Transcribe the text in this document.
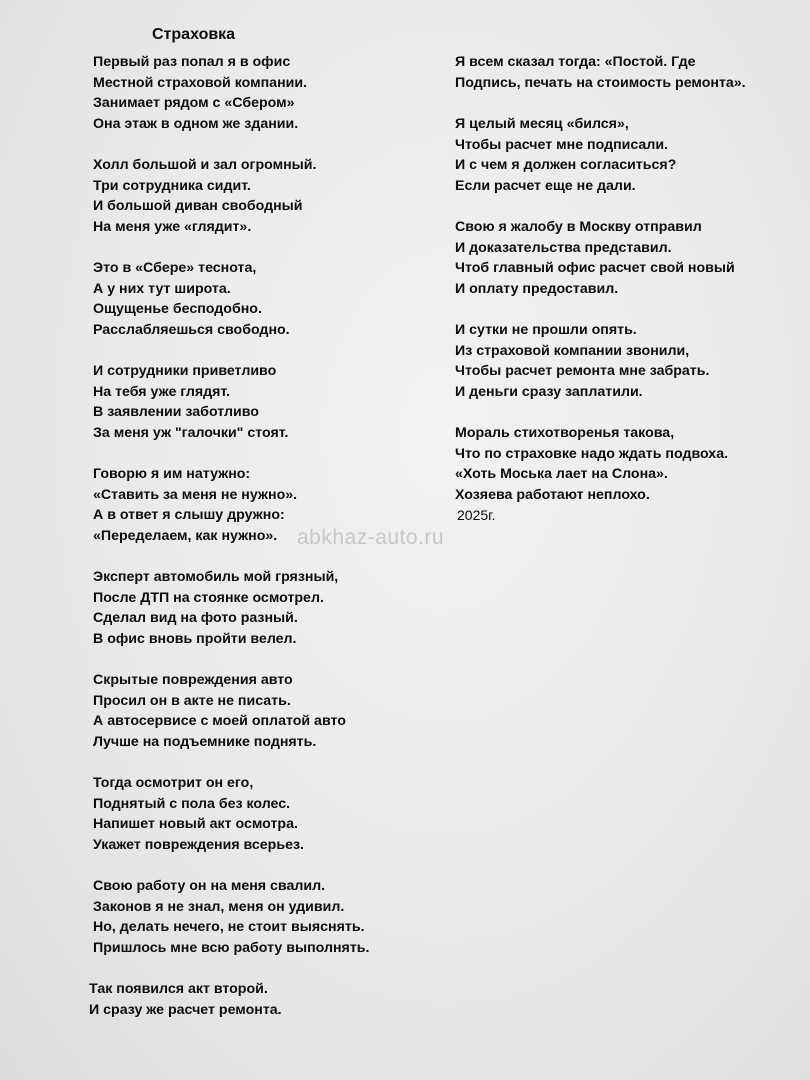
Страховка
Первый раз попал я в офис
Местной страховой компании.
Занимает рядом с «Сбером»
Она этаж в одном же здании.
Холл большой и зал огромный.
Три сотрудника сидит.
И большой диван свободный
На меня уже «глядит».
Это в «Сбере» теснота,
А у них тут широта.
Ощущенье бесподобно.
Расслабляешься свободно.
И сотрудники приветливо
На тебя уже глядят.
В заявлении заботливо
За меня уж "галочки" стоят.
Говорю я им натужно:
«Ставить за меня не нужно».
А в ответ я слышу дружно:
«Переделаем, как нужно».
Эксперт автомобиль мой грязный,
После ДТП на стоянке осмотрел.
Сделал вид на фото разный.
В офис вновь пройти велел.
Скрытые повреждения авто
Просил он в акте не писать.
А автосервисе с моей оплатой авто
Лучше на подъемнике поднять.
Тогда осмотрит он его,
Поднятый с пола без колес.
Напишет новый акт осмотра.
Укажет повреждения всерьез.
Свою работу он на меня свалил.
Законов я не знал, меня он удивил.
Но, делать нечего, не стоит выяснять.
Пришлось мне всю работу выполнять.
Так появился акт второй.
И сразу же расчет ремонта.
Я всем сказал тогда: «Постой. Где
Подпись, печать на стоимость ремонта».
Я целый месяц «бился»,
Чтобы расчет мне подписали.
И с чем я должен согласиться?
Если расчет еще не дали.
Свою я жалобу в Москву отправил
И доказательства представил.
Чтоб главный офис расчет свой новый
И оплату предоставил.
И сутки не прошли опять.
Из страховой компании звонили,
Чтобы расчет ремонта мне забрать.
И деньги сразу заплатили.
Мораль стихотворенья такова,
Что по страховке надо ждать подвоха.
«Хоть Моська лает на Слона».
Хозяева работают неплохо.
2025г.
abkhaz-auto.ru
